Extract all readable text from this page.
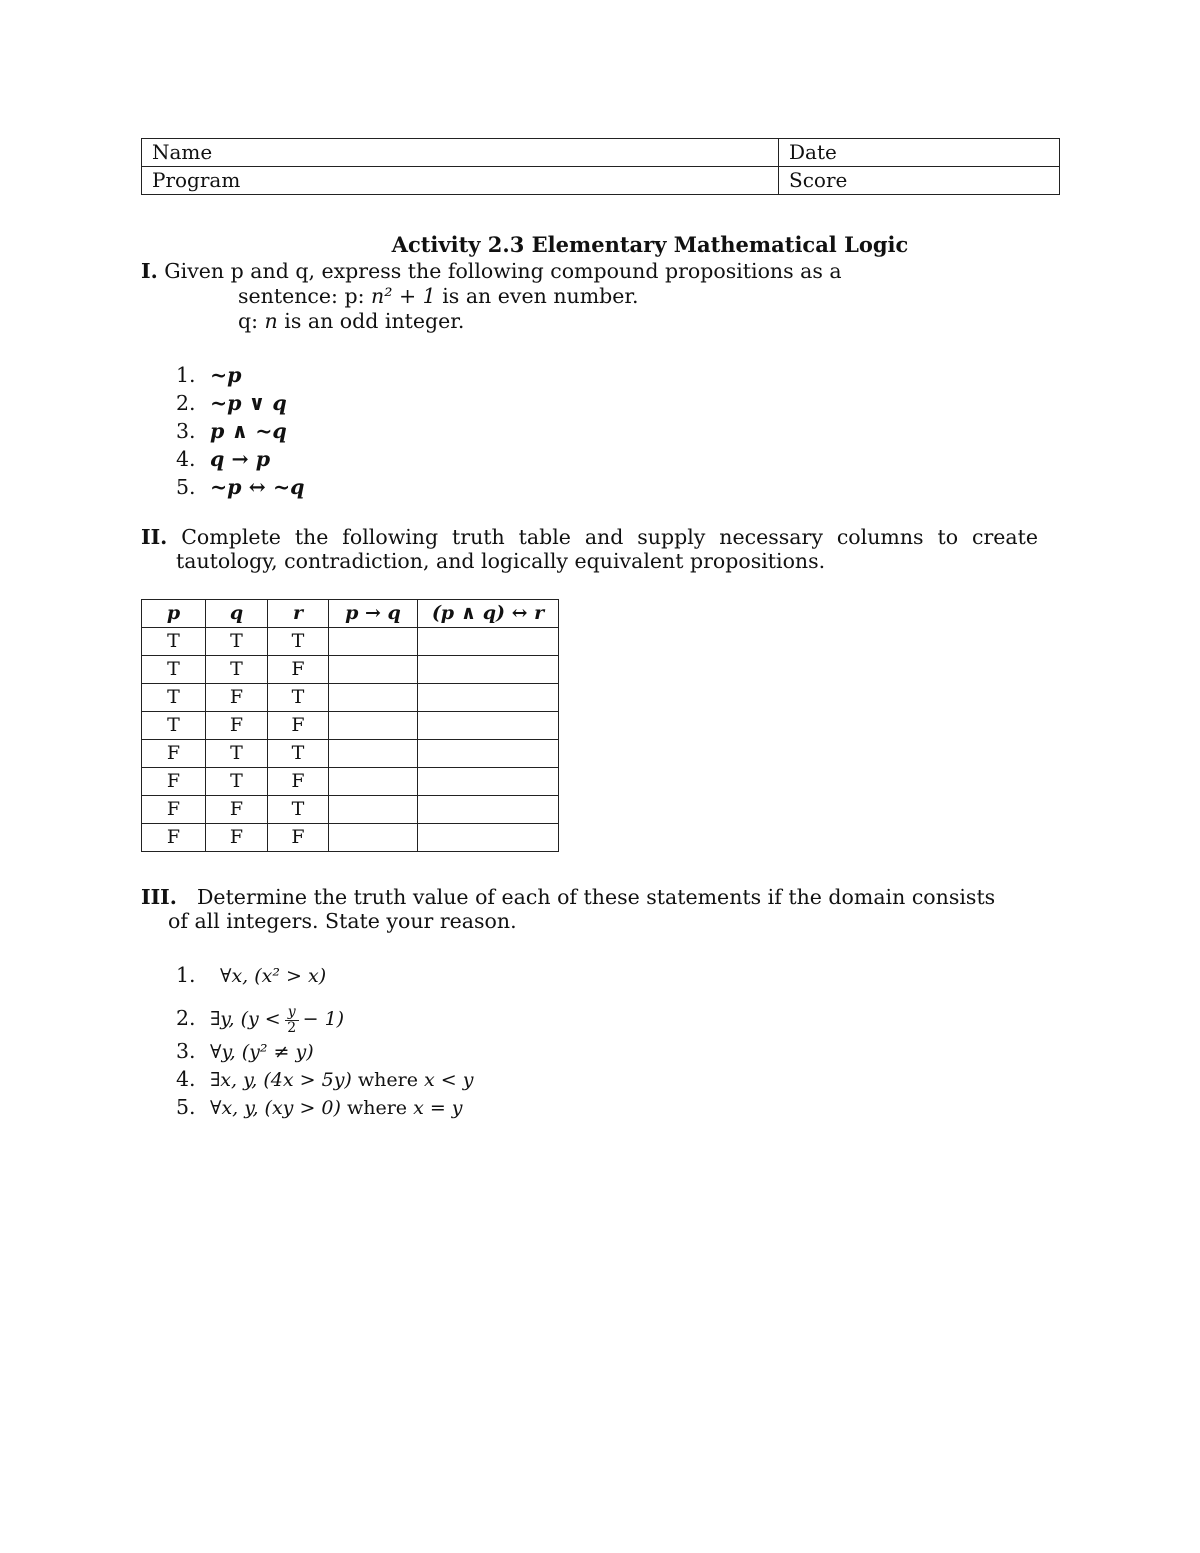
Name	Date
Program	Score
Activity 2.3 Elementary Mathematical Logic
I. Given p and q, express the following compound propositions as a
sentence: p: n² + 1 is an even number.
q: n is an odd integer.
1. ~p
2. ~p ∨ q
3. p ∧ ~q
4. q → p
5. ~p ↔ ~q
II. Complete the following truth table and supply necessary columns to create
tautology, contradiction, and logically equivalent propositions.
p	q	r	p → q	(p ∧ q) ↔ r
T	T	T		
T	T	F		
T	F	T		
T	F	F		
F	T	T		
F	T	F		
F	F	T		
F	F	F		
III. Determine the truth value of each of these statements if the domain consists
of all integers. State your reason.
1. ∀x, (x² > x)
2. ∃y, $(y < \frac{y}{2} - 1)$
3. ∀y, (y² ≠ y)
4. ∃x, y, (4x > 5y) where x < y
5. ∀x, y, (xy > 0) where x = y
